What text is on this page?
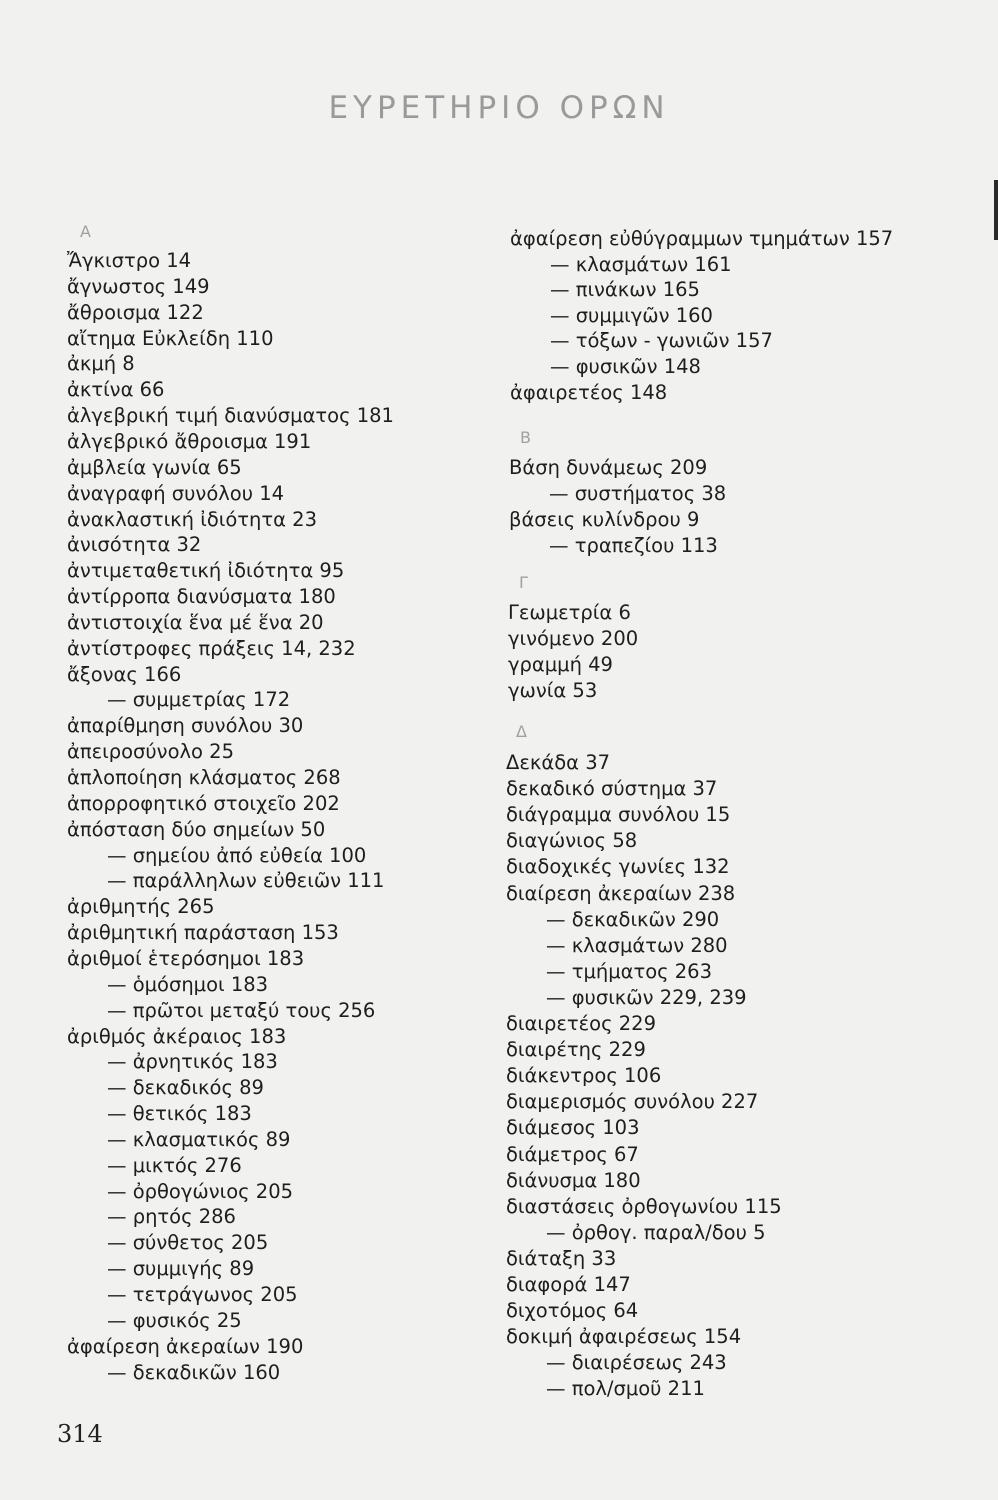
ΕΥΡΕΤΗΡΙΟ ΟΡΩΝ
Α
Ἄγκιστρο 14
ἄγνωστος 149
ἄθροισμα 122
αἴτημα Εὐκλείδη 110
ἀκμή 8
ἀκτίνα 66
ἀλγεβρική τιμή διανύσματος 181
ἀλγεβρικό ἄθροισμα 191
ἀμβλεία γωνία 65
ἀναγραφή συνόλου 14
ἀνακλαστική ἰδιότητα 23
ἀνισότητα 32
ἀντιμεταθετική ἰδιότητα 95
ἀντίρροπα διανύσματα 180
ἀντιστοιχία ἕνα μέ ἕνα 20
ἀντίστροφες πράξεις 14, 232
ἄξονας 166
— συμμετρίας 172
ἀπαρίθμηση συνόλου 30
ἀπειροσύνολο 25
ἁπλοποίηση κλάσματος 268
ἀπορροφητικό στοιχεῖο 202
ἀπόσταση δύο σημείων 50
— σημείου ἀπό εὐθεία 100
— παράλληλων εὐθειῶν 111
ἀριθμητής 265
ἀριθμητική παράσταση 153
ἀριθμοί ἑτερόσημοι 183
— ὁμόσημοι 183
— πρῶτοι μεταξύ τους 256
ἀριθμός ἀκέραιος 183
— ἀρνητικός 183
— δεκαδικός 89
— θετικός 183
— κλασματικός 89
— μικτός 276
— ὀρθογώνιος 205
— ρητός 286
— σύνθετος 205
— συμμιγής 89
— τετράγωνος 205
— φυσικός 25
ἀφαίρεση ἀκεραίων 190
— δεκαδικῶν 160
Β
Γ
Δ
ἀφαίρεση εὐθύγραμμων τμημάτων 157
— κλασμάτων 161
— πινάκων 165
— συμμιγῶν 160
— τόξων - γωνιῶν 157
— φυσικῶν 148
ἀφαιρετέος 148
Βάση δυνάμεως 209
— συστήματος 38
βάσεις κυλίνδρου 9
— τραπεζίου 113
Γεωμετρία 6
γινόμενο 200
γραμμή 49
γωνία 53
Δεκάδα 37
δεκαδικό σύστημα 37
διάγραμμα συνόλου 15
διαγώνιος 58
διαδοχικές γωνίες 132
διαίρεση ἀκεραίων 238
— δεκαδικῶν 290
— κλασμάτων 280
— τμήματος 263
— φυσικῶν 229, 239
διαιρετέος 229
διαιρέτης 229
διάκεντρος 106
διαμερισμός συνόλου 227
διάμεσος 103
διάμετρος 67
διάνυσμα 180
διαστάσεις ὀρθογωνίου 115
— ὀρθογ. παραλ/δου 5
διάταξη 33
διαφορά 147
διχοτόμος 64
δοκιμή ἀφαιρέσεως 154
— διαιρέσεως 243
— πολ/σμοῦ 211
314
